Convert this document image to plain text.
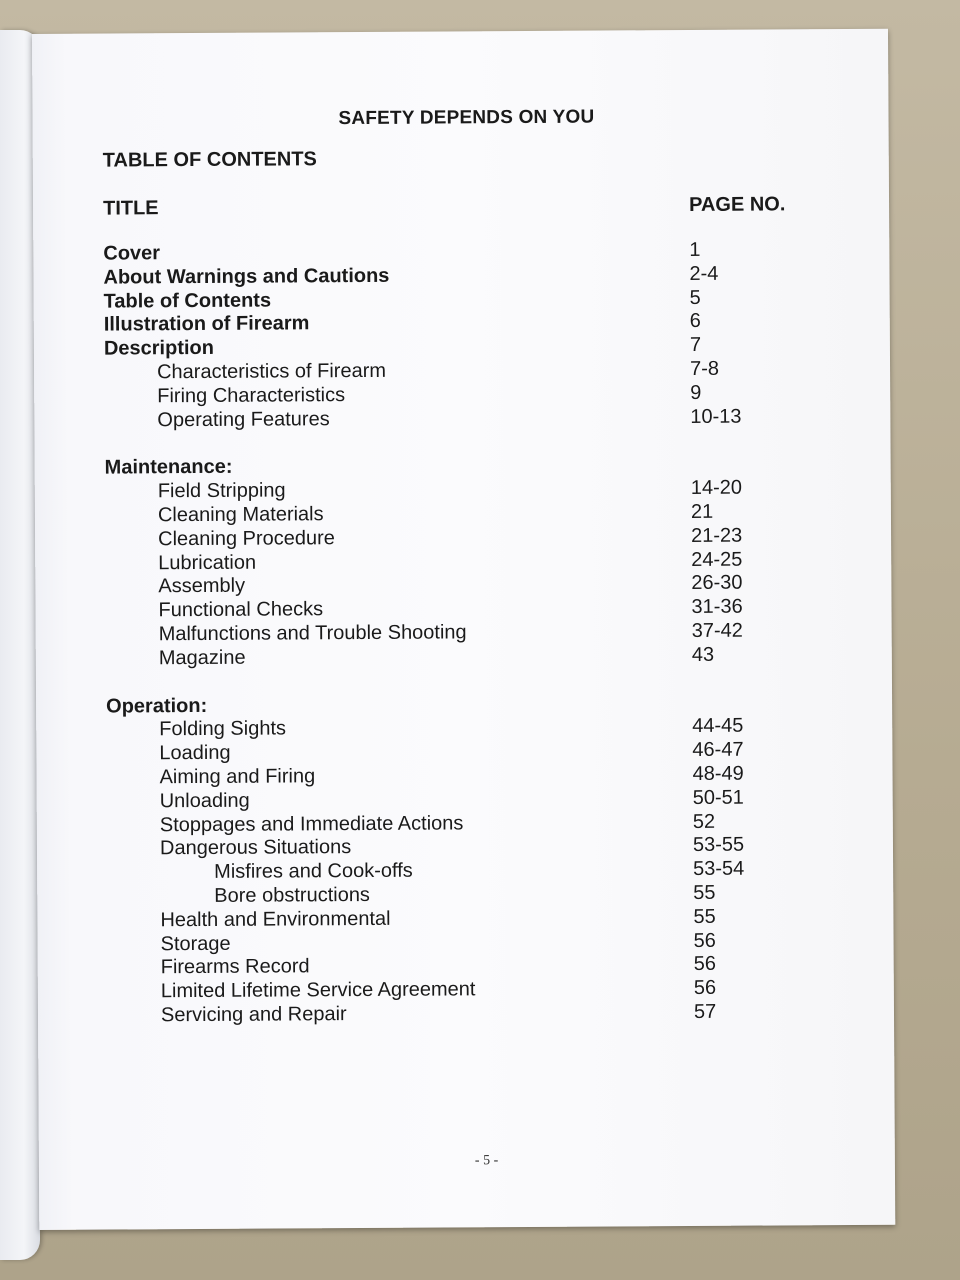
SAFETY DEPENDS ON YOU
TABLE OF CONTENTS
TITLE	PAGE NO.
Cover	1
About Warnings and Cautions	2-4
Table of Contents	5
Illustration of Firearm	6
Description	7
Characteristics of Firearm	7-8
Firing Characteristics	9
Operating Features	10-13
Maintenance:
Field Stripping	14-20
Cleaning Materials	21
Cleaning Procedure	21-23
Lubrication	24-25
Assembly	26-30
Functional Checks	31-36
Malfunctions and Trouble Shooting	37-42
Magazine	43
Operation:
Folding Sights	44-45
Loading	46-47
Aiming and Firing	48-49
Unloading	50-51
Stoppages and Immediate Actions	52
Dangerous Situations	53-55
Misfires and Cook-offs	53-54
Bore obstructions	55
Health and Environmental	55
Storage	56
Firearms Record	56
Limited Lifetime Service Agreement	56
Servicing and Repair	57
- 5 -
